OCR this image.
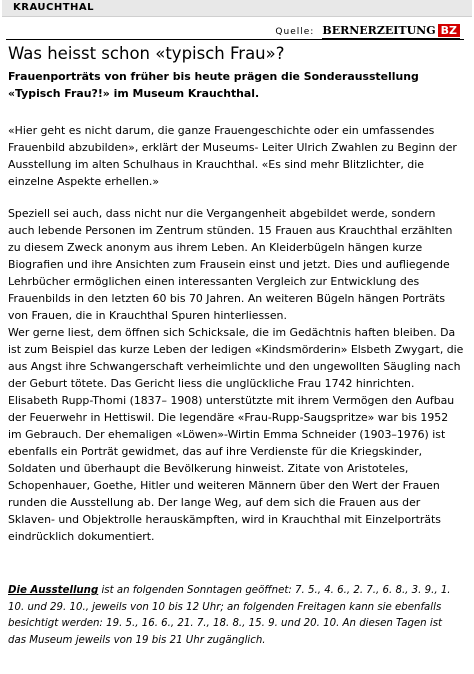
KRAUCHTHAL
Quelle: BERNERZEITUNG BZ
Was heisst schon «typisch Frau»?

Frauenporträts von früher bis heute prägen die Sonderausstellung «Typisch Frau?!» im Museum Krauchthal.

«Hier geht es nicht darum, die ganze Frauengeschichte oder ein umfassendes Frauenbild abzubilden», erklärt der Museums- Leiter Ulrich Zwahlen zu Beginn der Ausstellung im alten Schulhaus in Krauchthal. «Es sind mehr Blitzlichter, die einzelne Aspekte erhellen.»

Speziell sei auch, dass nicht nur die Vergangenheit abgebildet werde, sondern auch lebende Personen im Zentrum stünden. 15 Frauen aus Krauchthal erzählten zu diesem Zweck anonym aus ihrem Leben. An Kleiderbügeln hängen kurze Biografien und ihre Ansichten zum Frausein einst und jetzt. Dies und aufliegende Lehrbücher ermöglichen einen interessanten Vergleich zur Entwicklung des Frauenbilds in den letzten 60 bis 70 Jahren. An weiteren Bügeln hängen Porträts von Frauen, die in Krauchthal Spuren hinterliessen.
Wer gerne liest, dem öffnen sich Schicksale, die im Gedächtnis haften bleiben. Da ist zum Beispiel das kurze Leben der ledigen «Kindsmörderin» Elsbeth Zwygart, die aus Angst ihre Schwangerschaft verheimlichte und den ungewollten Säugling nach der Geburt tötete. Das Gericht liess die unglückliche Frau 1742 hinrichten.
Elisabeth Rupp-Thomi (1837– 1908) unterstützte mit ihrem Vermögen den Aufbau der Feuerwehr in Hettiswil. Die legendäre «Frau-Rupp-Saugspritze» war bis 1952 im Gebrauch. Der ehemaligen «Löwen»-Wirtin Emma Schneider (1903–1976) ist ebenfalls ein Porträt gewidmet, das auf ihre Verdienste für die Kriegskinder, Soldaten und überhaupt die Bevölkerung hinweist. Zitate von Aristoteles, Schopenhauer, Goethe, Hitler und weiteren Männern über den Wert der Frauen runden die Ausstellung ab. Der lange Weg, auf dem sich die Frauen aus der Sklaven- und Objektrolle herauskämpften, wird in Krauchthal mit Einzelporträts eindrücklich dokumentiert.

Die Ausstellung ist an folgenden Sonntagen geöffnet: 7. 5., 4. 6., 2. 7., 6. 8., 3. 9., 1. 10. und 29. 10., jeweils von 10 bis 12 Uhr; an folgenden Freitagen kann sie ebenfalls besichtigt werden: 19. 5., 16. 6., 21. 7., 18. 8., 15. 9. und 20. 10. An diesen Tagen ist das Museum jeweils von 19 bis 21 Uhr zugänglich.
